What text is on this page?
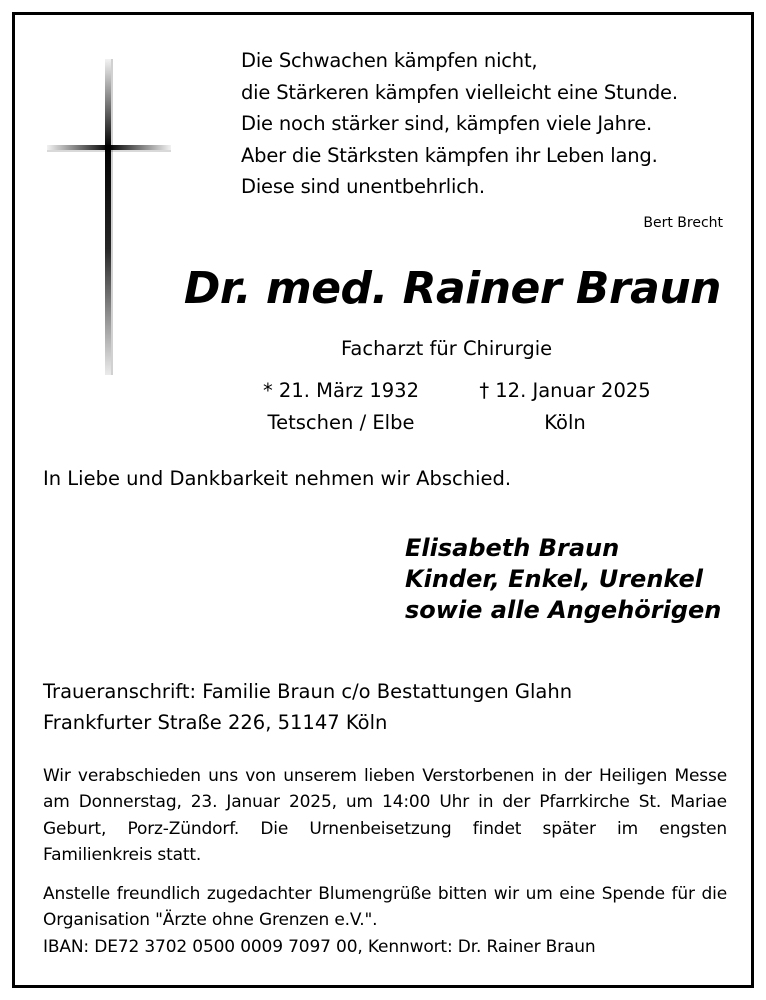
Die Schwachen kämpfen nicht,
die Stärkeren kämpfen vielleicht eine Stunde.
Die noch stärker sind, kämpfen viele Jahre.
Aber die Stärksten kämpfen ihr Leben lang.
Diese sind unentbehrlich.
Bert Brecht
Dr. med. Rainer Braun
Facharzt für Chirurgie
* 21. März 1932
Tetschen / Elbe
† 12. Januar 2025
Köln
In Liebe und Dankbarkeit nehmen wir Abschied.
Elisabeth Braun
Kinder, Enkel, Urenkel
sowie alle Angehörigen
Traueranschrift: Familie Braun c/o Bestattungen Glahn
Frankfurter Straße 226, 51147 Köln

Wir verabschieden uns von unserem lieben Verstorbenen in der Heiligen Messe am Donnerstag, 23. Januar 2025, um 14:00 Uhr in der Pfarrkirche St. Mariae Geburt, Porz-Zündorf. Die Urnenbeisetzung findet später im engsten Familienkreis statt.

Anstelle freundlich zugedachter Blumengrüße bitten wir um eine Spende für die Organisation "Ärzte ohne Grenzen e.V.".

IBAN: DE72 3702 0500 0009 7097 00, Kennwort: Dr. Rainer Braun
